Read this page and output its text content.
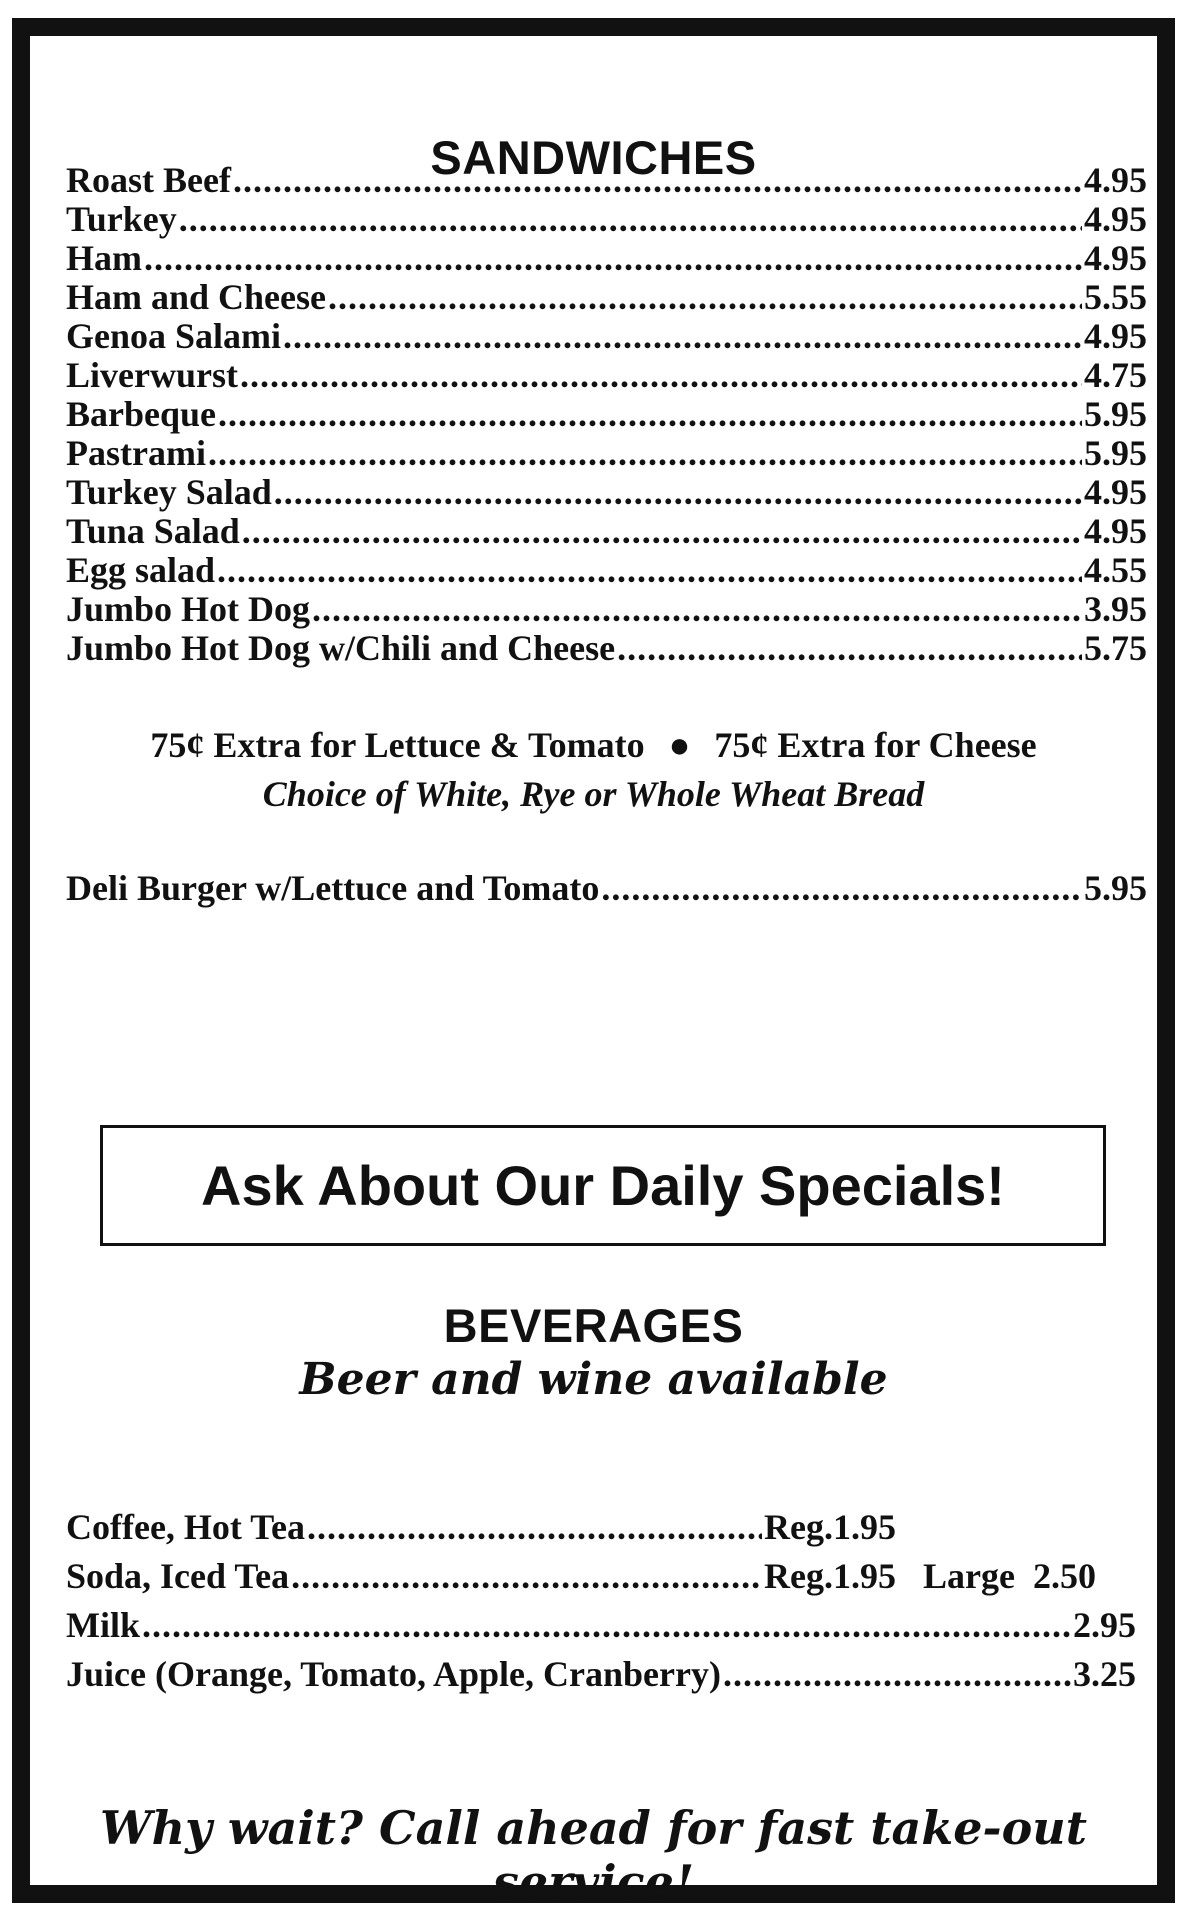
SANDWICHES
Roast Beef .....	4.95
Turkey .....	4.95
Ham .....	4.95
Ham and Cheese .....	5.55
Genoa Salami .....	4.95
Liverwurst .....	4.75
Barbeque .....	5.95
Pastrami .....	5.95
Turkey Salad .....	4.95
Tuna Salad .....	4.95
Egg salad .....	4.55
Jumbo Hot Dog .....	3.95
Jumbo Hot Dog w/Chili and Cheese .....	5.75
75¢ Extra for Lettuce & Tomato ● 75¢ Extra for Cheese
Choice of White, Rye or Whole Wheat Bread
Deli Burger w/Lettuce and Tomato .....	5.95
Ask About Our Daily Specials!
BEVERAGES
Beer and wine available
Coffee, Hot Tea .....	Reg. 1.95
Soda, Iced Tea .....	Reg. 1.95 Large 2.50
Milk .....	2.95
Juice (Orange, Tomato, Apple, Cranberry) .....	3.25
Why wait? Call ahead for fast take-out service!
